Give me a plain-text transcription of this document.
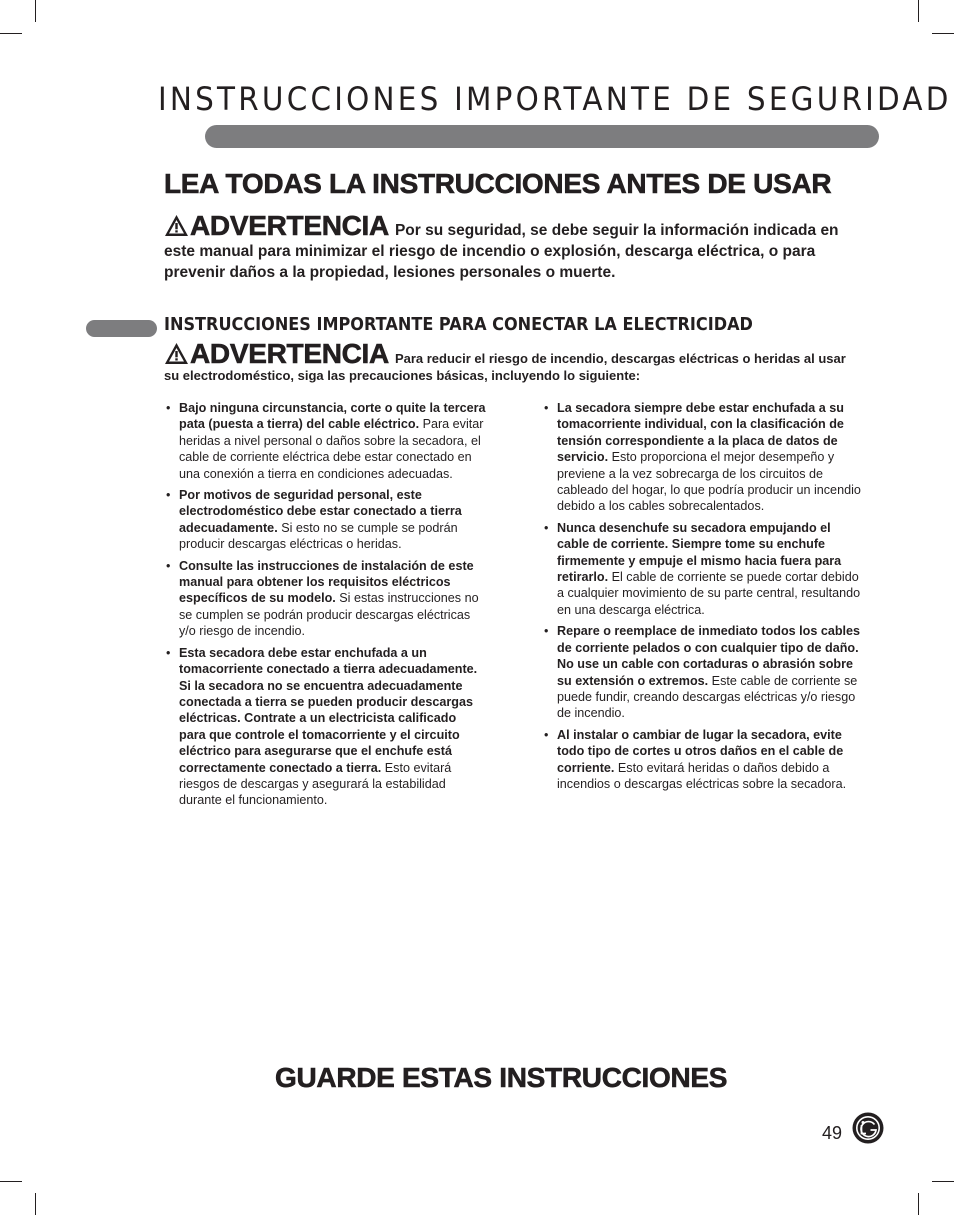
INSTRUCCIONES IMPORTANTE DE SEGURIDAD
LEA TODAS LA INSTRUCCIONES ANTES DE USAR
ADVERTENCIA Por su seguridad, se debe seguir la información indicada en este manual para minimizar el riesgo de incendio o explosión, descarga eléctrica, o para prevenir daños a la propiedad, lesiones personales o muerte.
INSTRUCCIONES IMPORTANTE PARA CONECTAR LA ELECTRICIDAD
ADVERTENCIA Para reducir el riesgo de incendio, descargas eléctricas o heridas al usar su electrodoméstico, siga las precauciones básicas, incluyendo lo siguiente:
• Bajo ninguna circunstancia, corte o quite la tercera pata (puesta a tierra) del cable eléctrico. Para evitar heridas a nivel personal o daños sobre la secadora, el cable de corriente eléctrica debe estar conectado en una conexión a tierra en condiciones adecuadas.
• Por motivos de seguridad personal, este electrodoméstico debe estar conectado a tierra adecuadamente. Si esto no se cumple se podrán producir descargas eléctricas o heridas.
• Consulte las instrucciones de instalación de este manual para obtener los requisitos eléctricos específicos de su modelo. Si estas instrucciones no se cumplen se podrán producir descargas eléctricas y/o riesgo de incendio.
• Esta secadora debe estar enchufada a un tomacorriente conectado a tierra adecuadamente. Si la secadora no se encuentra adecuadamente conectada a tierra se pueden producir descargas eléctricas. Contrate a un electricista calificado para que controle el tomacorriente y el circuito eléctrico para asegurarse que el enchufe está correctamente conectado a tierra. Esto evitará riesgos de descargas y asegurará la estabilidad durante el funcionamiento.
• La secadora siempre debe estar enchufada a su tomacorriente individual, con la clasificación de tensión correspondiente a la placa de datos de servicio. Esto proporciona el mejor desempeño y previene a la vez sobrecarga de los circuitos de cableado del hogar, lo que podría producir un incendio debido a los cables sobrecalentados.
• Nunca desenchufe su secadora empujando el cable de corriente. Siempre tome su enchufe firmemente y empuje el mismo hacia fuera para retirarlo. El cable de corriente se puede cortar debido a cualquier movimiento de su parte central, resultando en una descarga eléctrica.
• Repare o reemplace de inmediato todos los cables de corriente pelados o con cualquier tipo de daño. No use un cable con cortaduras o abrasión sobre su extensión o extremos. Este cable de corriente se puede fundir, creando descargas eléctricas y/o riesgo de incendio.
• Al instalar o cambiar de lugar la secadora, evite todo tipo de cortes u otros daños en el cable de corriente. Esto evitará heridas o daños debido a incendios o descargas eléctricas sobre la secadora.
GUARDE ESTAS INSTRUCCIONES
49
